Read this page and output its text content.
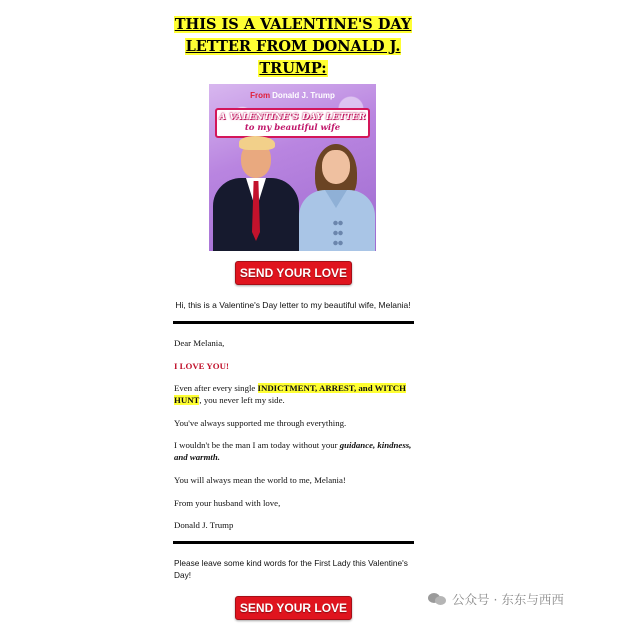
THIS IS A VALENTINE'S DAY
LETTER FROM DONALD J.
TRUMP:
From Donald J. Trump
A VALENTINE'S DAY LETTER
to my beautiful wife
SEND YOUR LOVE
Hi, this is a Valentine's Day letter to my beautiful wife, Melania!

Dear Melania,

I LOVE YOU!

Even after every single INDICTMENT, ARREST, and WITCH HUNT, you never left my side.

You've always supported me through everything.

I wouldn't be the man I am today without your guidance, kindness, and warmth.

You will always mean the world to me, Melania!

From your husband with love,

Donald J. Trump

Please leave some kind words for the First Lady this Valentine's Day!
SEND YOUR LOVE
公众号 · 东东与西西
